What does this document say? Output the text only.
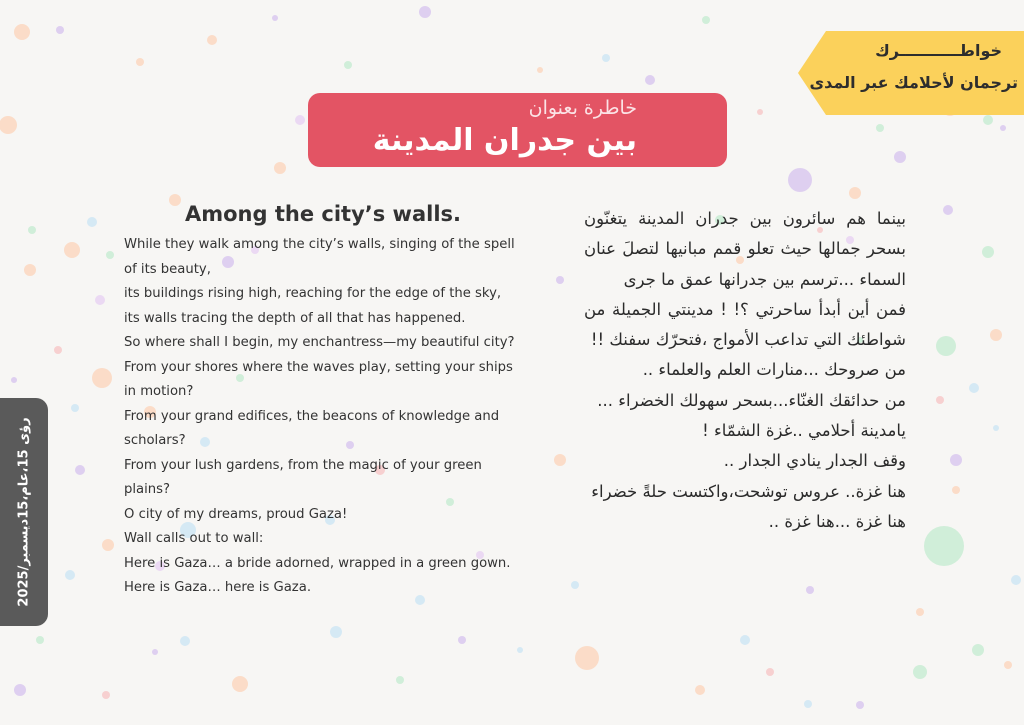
خواطـــــــــــرك
ترجمان لأحلامك عبر المدى
خاطرة بعنوان
بين جدران المدينة
رؤى 15،عام،15ديسمبر/2025
Among the city’s walls.
While they walk among the city’s walls, singing of the spell of its beauty,
its buildings rising high, reaching for the edge of the sky,
its walls tracing the depth of all that has happened.
So where shall I begin, my enchantress—my beautiful city?
From your shores where the waves play, setting your ships in motion?
From your grand edifices, the beacons of knowledge and scholars?
From your lush gardens, from the magic of your green plains?
O city of my dreams, proud Gaza!
Wall calls out to wall:
Here is Gaza… a bride adorned, wrapped in a green gown.
Here is Gaza… here is Gaza.
بينما هم سائرون بين جدران المدينة يتغنّون بسحر جمالها حيث تعلو قمم مبانيها لتصلَ عنان السماء ...ترسم بين جدرانها عمق ما جرى
فمن أين أبدأ ساحرتي ؟! ! مدينتي الجميلة من شواطئك التي تداعب الأمواج ،فتحرّك سفنك !!
من صروحك ...منارات العلم والعلماء ..
من حدائقك الغنّاء...بسحر سهولك الخضراء ...
يامدينة أحلامي ..غزة الشمّاء !
وقف الجدار ينادي الجدار ..
هنا غزة.. عروس توشحت،واكتست حلةً خضراء
هنا غزة ...هنا غزة ..
